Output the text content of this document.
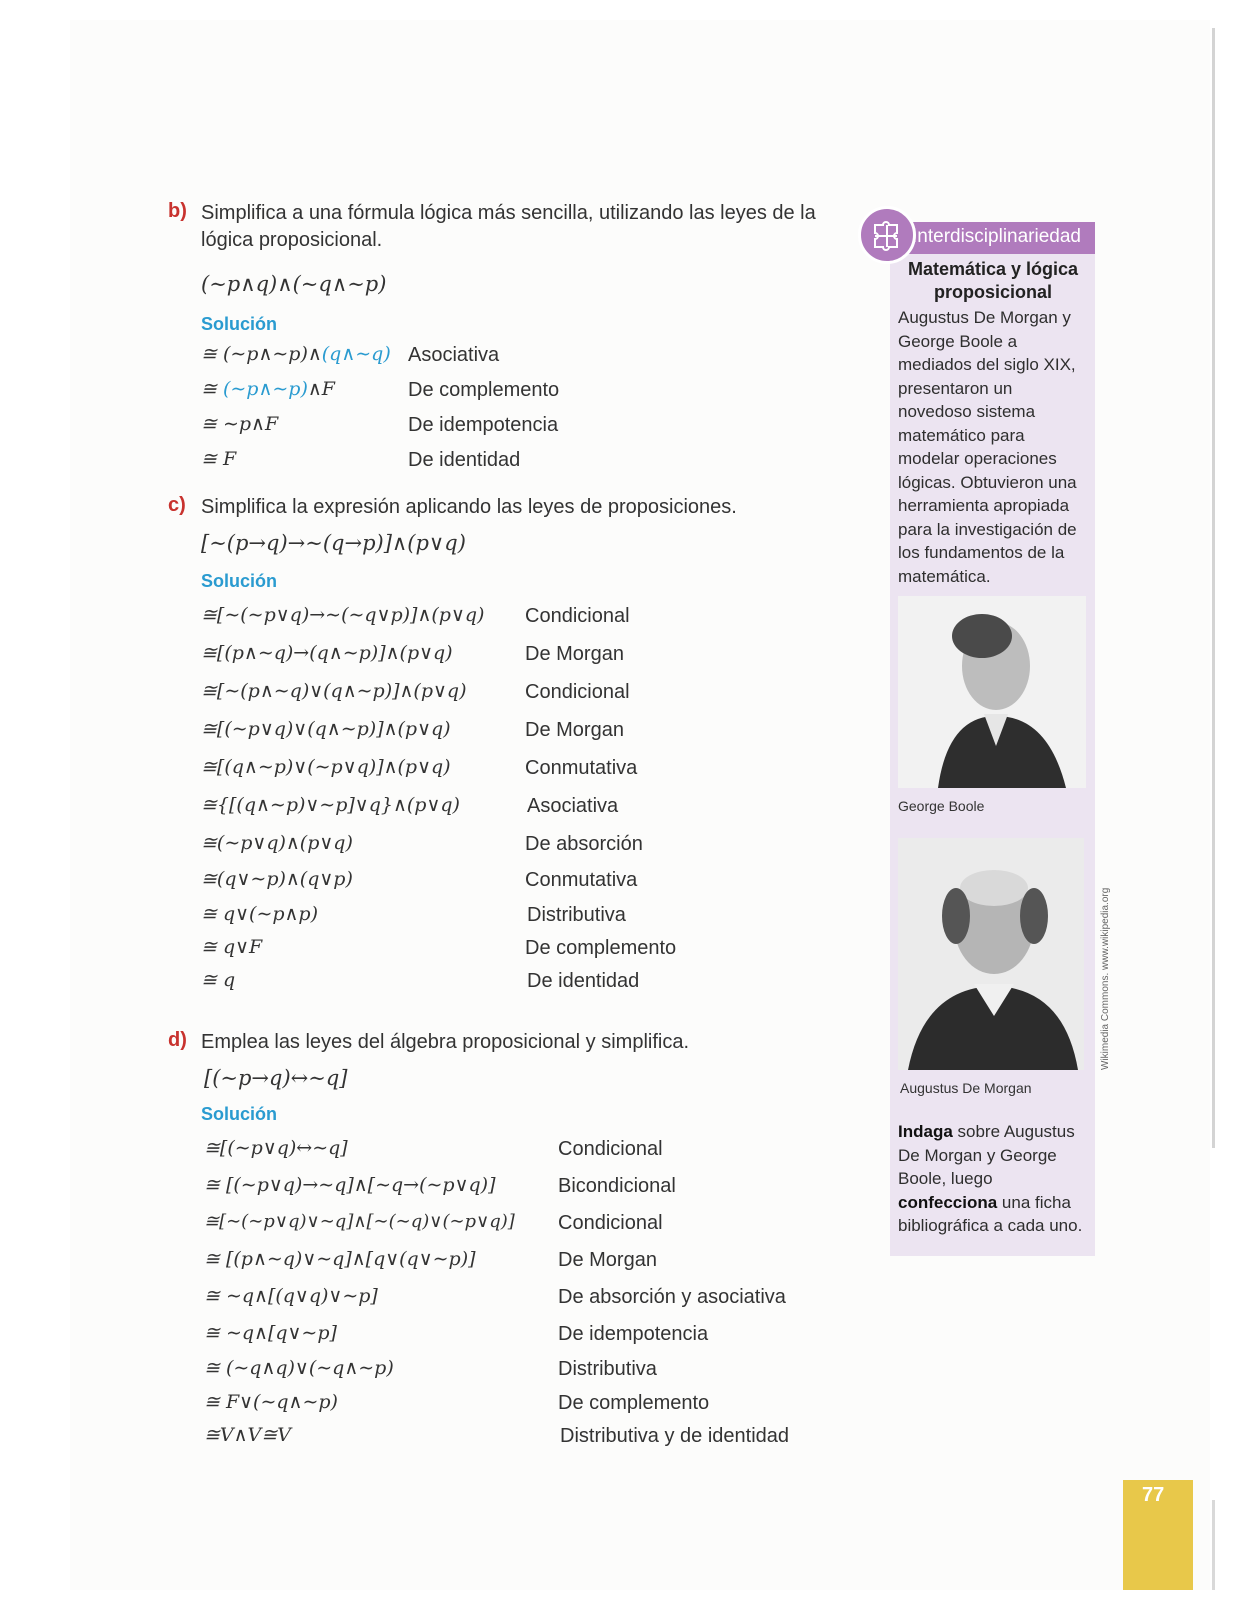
b) Simplifica a una fórmula lógica más sencilla, utilizando las leyes de la lógica proposicional.
(∼p∧q)∧(∼q∧∼p)
Solución
≅ (∼p∧∼p)∧(q∧∼q) Asociativa
≅ (∼p∧∼p)∧F	De complemento
≅ ∼p∧F	De idempotencia
≅ F	De identidad
c) Simplifica la expresión aplicando las leyes de proposiciones.
[∼(p→q)→∼(q→p)]∧(p∨q)
Solución
≅[∼(∼p∨q)→∼(∼q∨p)]∧(p∨q) Condicional
≅[(p∧∼q)→(q∧∼p)]∧(p∨q)	De Morgan
≅[∼(p∧∼q)∨(q∧∼p)]∧(p∨q)	Condicional
≅[(∼p∨q)∨(q∧∼p)]∧(p∨q)	De Morgan
≅[(q∧∼p)∨(∼p∨q)]∧(p∨q)	Conmutativa
≅{[(q∧∼p)∨∼p]∨q}∧(p∨q)	Asociativa
≅(∼p∨q)∧(p∨q)	De absorción
≅(q∨∼p)∧(q∨p)	Conmutativa
≅ q∨(∼p∧p)	Distributiva
≅ q∨F	De complemento
≅ q	De identidad
d) Emplea las leyes del álgebra proposicional y simplifica.
[(∼p→q)↔∼q]
Solución
≅[(∼p∨q)↔∼q]	Condicional
≅ [(∼p∨q)→∼q]∧[∼q→(∼p∨q)]	Bicondicional
≅[∼(∼p∨q)∨∼q]∧[∼(∼q)∨(∼p∨q)] Condicional
≅ [(p∧∼q)∨∼q]∧[q∨(q∨∼p)]	De Morgan
≅ ∼q∧[(q∨q)∨∼p]	De absorción y asociativa
≅ ∼q∧[q∨∼p]	De idempotencia
≅ (∼q∧q)∨(∼q∧∼p)	Distributiva
≅ F∨(∼q∧∼p)	De complemento
≅V∧V≅V	Distributiva y de identidad
Interdisciplinariedad
Matemática y lógica proposicional
Augustus De Morgan y George Boole a mediados del siglo XIX, presentaron un novedoso sistema matemático para modelar operaciones lógicas. Obtuvieron una herramienta apropiada para la investigación de los fundamentos de la matemática.
George Boole
Augustus De Morgan
Indaga sobre Augustus De Morgan y George Boole, luego confecciona una ficha bibliográfica a cada uno.
Wikimedia Commons. www.wikipedia.org
77
